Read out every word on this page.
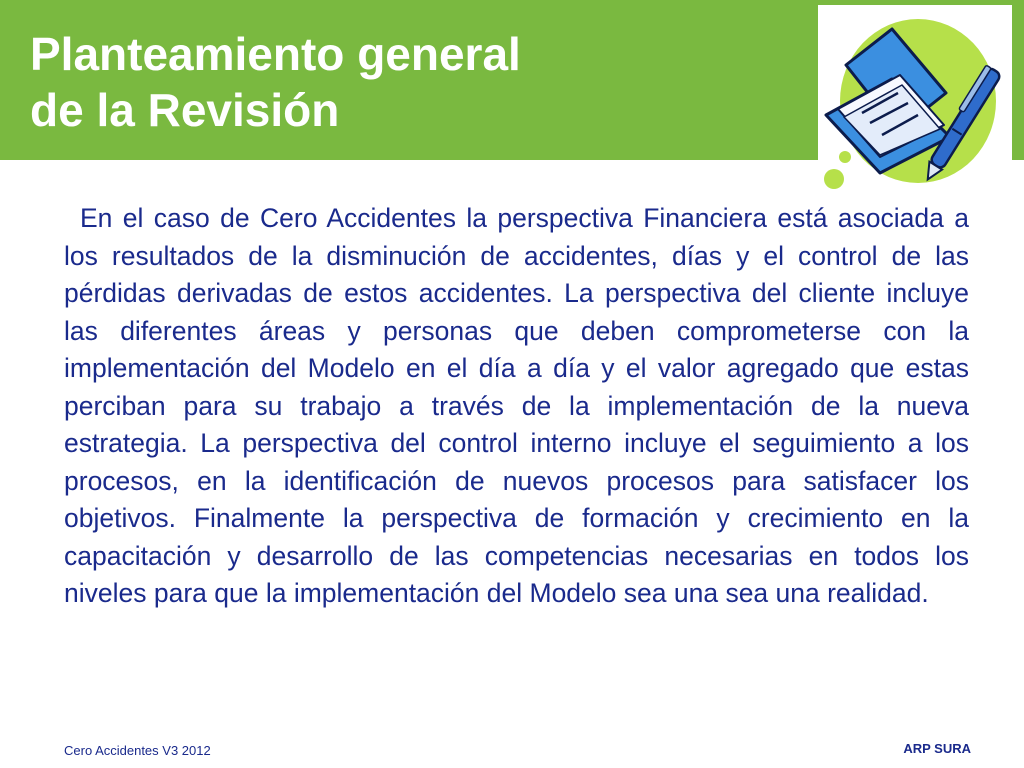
Planteamiento general
de la Revisión

En el caso de Cero Accidentes la perspectiva Financiera está asociada a los resultados de la disminución de accidentes, días y el control de las pérdidas derivadas de estos accidentes. La perspectiva del cliente incluye las diferentes áreas y personas que deben comprometerse con la implementación del Modelo en el día a día y el valor agregado que estas perciban para su trabajo a través de la implementación de la nueva estrategia. La perspectiva del control interno incluye el seguimiento a los procesos, en la identificación de nuevos procesos para satisfacer los objetivos. Finalmente la perspectiva de formación y crecimiento en la capacitación y desarrollo de las competencias necesarias en todos los niveles para que la implementación del Modelo sea una sea una realidad.

Cero Accidentes V3 2012	ARP SURA
